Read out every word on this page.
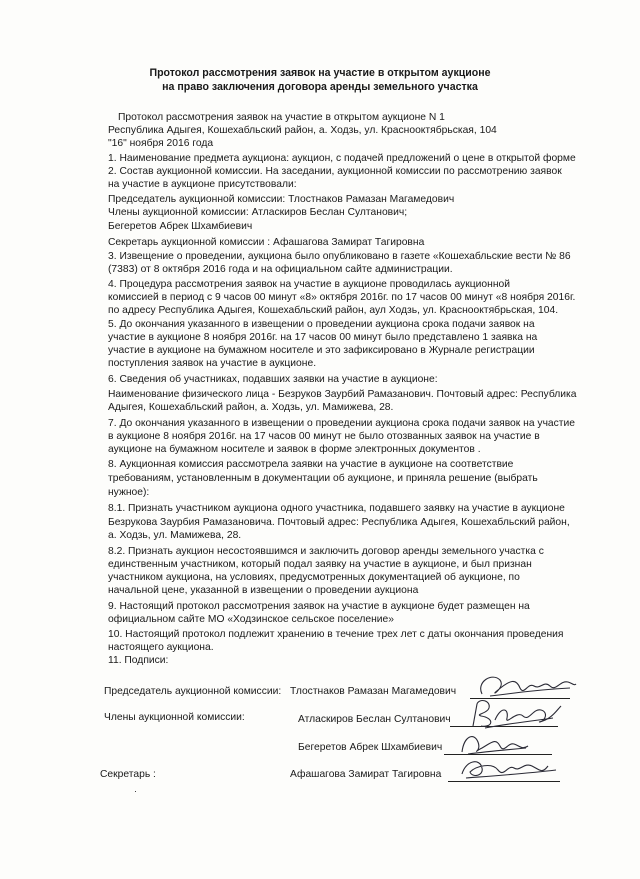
Протокол рассмотрения заявок на участие в открытом аукционе
на право заключения договора аренды земельного участка
Протокол рассмотрения заявок на участие в открытом аукционе N 1
Республика Адыгея, Кошехабльский район, а. Ходзь, ул. Краснооктябрьская, 104
"16" ноября 2016 года
1. Наименование предмета аукциона: аукцион, с подачей предложений о цене в открытой форме
2. Состав аукционной комиссии. На заседании, аукционной комиссии по рассмотрению заявок
на участие в аукционе присутствовали:
Председатель аукционной комиссии: Тлостнаков Рамазан Магамедович
Члены аукционной комиссии: Атласкиров Беслан Султанович;
Бегеретов Абрек Шхамбиевич
Секретарь аукционной комиссии : Афашагова Замират Тагировна
3. Извещение о проведении, аукциона было опубликовано в газете «Кошехабльские вести № 86
(7383) от 8 октября 2016 года и на официальном сайте администрации.
4. Процедура рассмотрения заявок на участие в аукционе проводилась аукционной
комиссией в период с 9 часов 00 минут «8» октября 2016г. по 17 часов 00 минут «8 ноября 2016г.
по адресу Республика Адыгея, Кошехабльский район, аул Ходзь, ул. Краснооктябрьская, 104.
5. До окончания указанного в извещении о проведении аукциона срока подачи заявок на
участие в аукционе 8 ноября 2016г. на 17 часов 00 минут было представлено 1 заявка на
участие в аукционе на бумажном носителе и это зафиксировано в Журнале регистрации
поступления заявок на участие в аукционе.
6. Сведения об участниках, подавших заявки на участие в аукционе:
Наименование физического лица - Безруков Заурбий Рамазанович. Почтовый адрес: Республика
Адыгея, Кошехабльский район, а. Ходзь, ул. Мамижева, 28.
7. До окончания указанного в извещении о проведении аукциона срока подачи заявок на участие
в аукционе 8 ноября 2016г. на 17 часов 00 минут не было отозванных заявок на участие в
аукционе на бумажном носителе и заявок в форме электронных документов .
8. Аукционная комиссия рассмотрела заявки на участие в аукционе на соответствие
требованиям, установленным в документации об аукционе, и приняла решение (выбрать
нужное):
8.1. Признать участником аукциона одного участника, подавшего заявку на участие в аукционе
Безрукова Заурбия Рамазановича. Почтовый адрес: Республика Адыгея, Кошехабльский район,
а. Ходзь, ул. Мамижева, 28.
8.2. Признать аукцион несостоявшимся и заключить договор аренды земельного участка с
единственным участником, который подал заявку на участие в аукционе, и был признан
участником аукциона, на условиях, предусмотренных документацией об аукционе, по
начальной цене, указанной в извещении о проведении аукциона
9. Настоящий протокол рассмотрения заявок на участие в аукционе будет размещен на
официальном сайте МО «Ходзинское сельское поселение»
10. Настоящий протокол подлежит хранению в течение трех лет с даты окончания проведения
настоящего аукциона.
11. Подписи:
Председатель аукционной комиссии: Тлостнаков Рамазан Магамедович
Члены аукционной комиссии:	Атласкиров Беслан Султанович
Бегеретов Абрек Шхамбиевич
Секретарь :	Афашагова Замират Тагировна
·
